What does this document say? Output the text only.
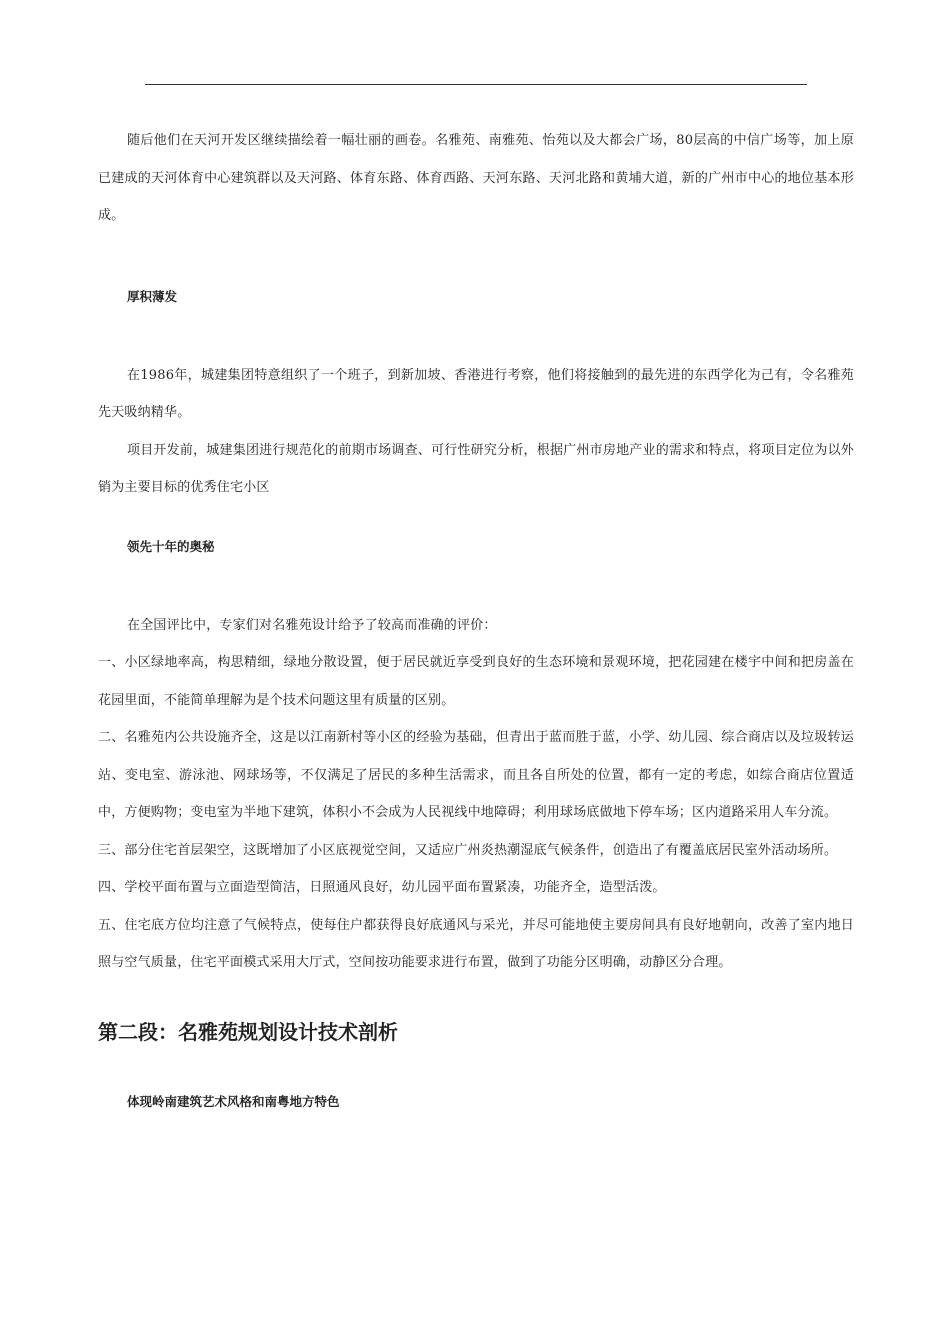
随后他们在天河开发区继续描绘着一幅壮丽的画卷。名雅苑、南雅苑、怡苑以及大都会广场，80层高的中信广场等，加上原已建成的天河体育中心建筑群以及天河路、体育东路、体育西路、天河东路、天河北路和黄埔大道，新的广州市中心的地位基本形成。

厚积薄发

在1986年，城建集团特意组织了一个班子，到新加坡、香港进行考察，他们将接触到的最先进的东西学化为己有，令名雅苑先天吸纳精华。

项目开发前，城建集团进行规范化的前期市场调查、可行性研究分析，根据广州市房地产业的需求和特点，将项目定位为以外销为主要目标的优秀住宅小区

领先十年的奥秘

在全国评比中，专家们对名雅苑设计给予了较高而准确的评价：

一、小区绿地率高，构思精细，绿地分散设置，便于居民就近享受到良好的生态环境和景观环境，把花园建在楼宇中间和把房盖在花园里面，不能简单理解为是个技术问题这里有质量的区别。

二、名雅苑内公共设施齐全，这是以江南新村等小区的经验为基础，但青出于蓝而胜于蓝，小学、幼儿园、综合商店以及垃圾转运站、变电室、游泳池、网球场等，不仅满足了居民的多种生活需求，而且各自所处的位置，都有一定的考虑，如综合商店位置适中，方便购物；变电室为半地下建筑，体积小不会成为人民视线中地障碍；利用球场底做地下停车场；区内道路采用人车分流。

三、部分住宅首层架空，这既增加了小区底视觉空间，又适应广州炎热潮湿底气候条件，创造出了有覆盖底居民室外活动场所。

四、学校平面布置与立面造型简洁，日照通风良好，幼儿园平面布置紧凑，功能齐全，造型活泼。

五、住宅底方位均注意了气候特点，使每住户都获得良好底通风与采光，并尽可能地使主要房间具有良好地朝向，改善了室内地日照与空气质量，住宅平面模式采用大厅式，空间按功能要求进行布置，做到了功能分区明确，动静区分合理。

第二段：名雅苑规划设计技术剖析
体现岭南建筑艺术风格和南粤地方特色
